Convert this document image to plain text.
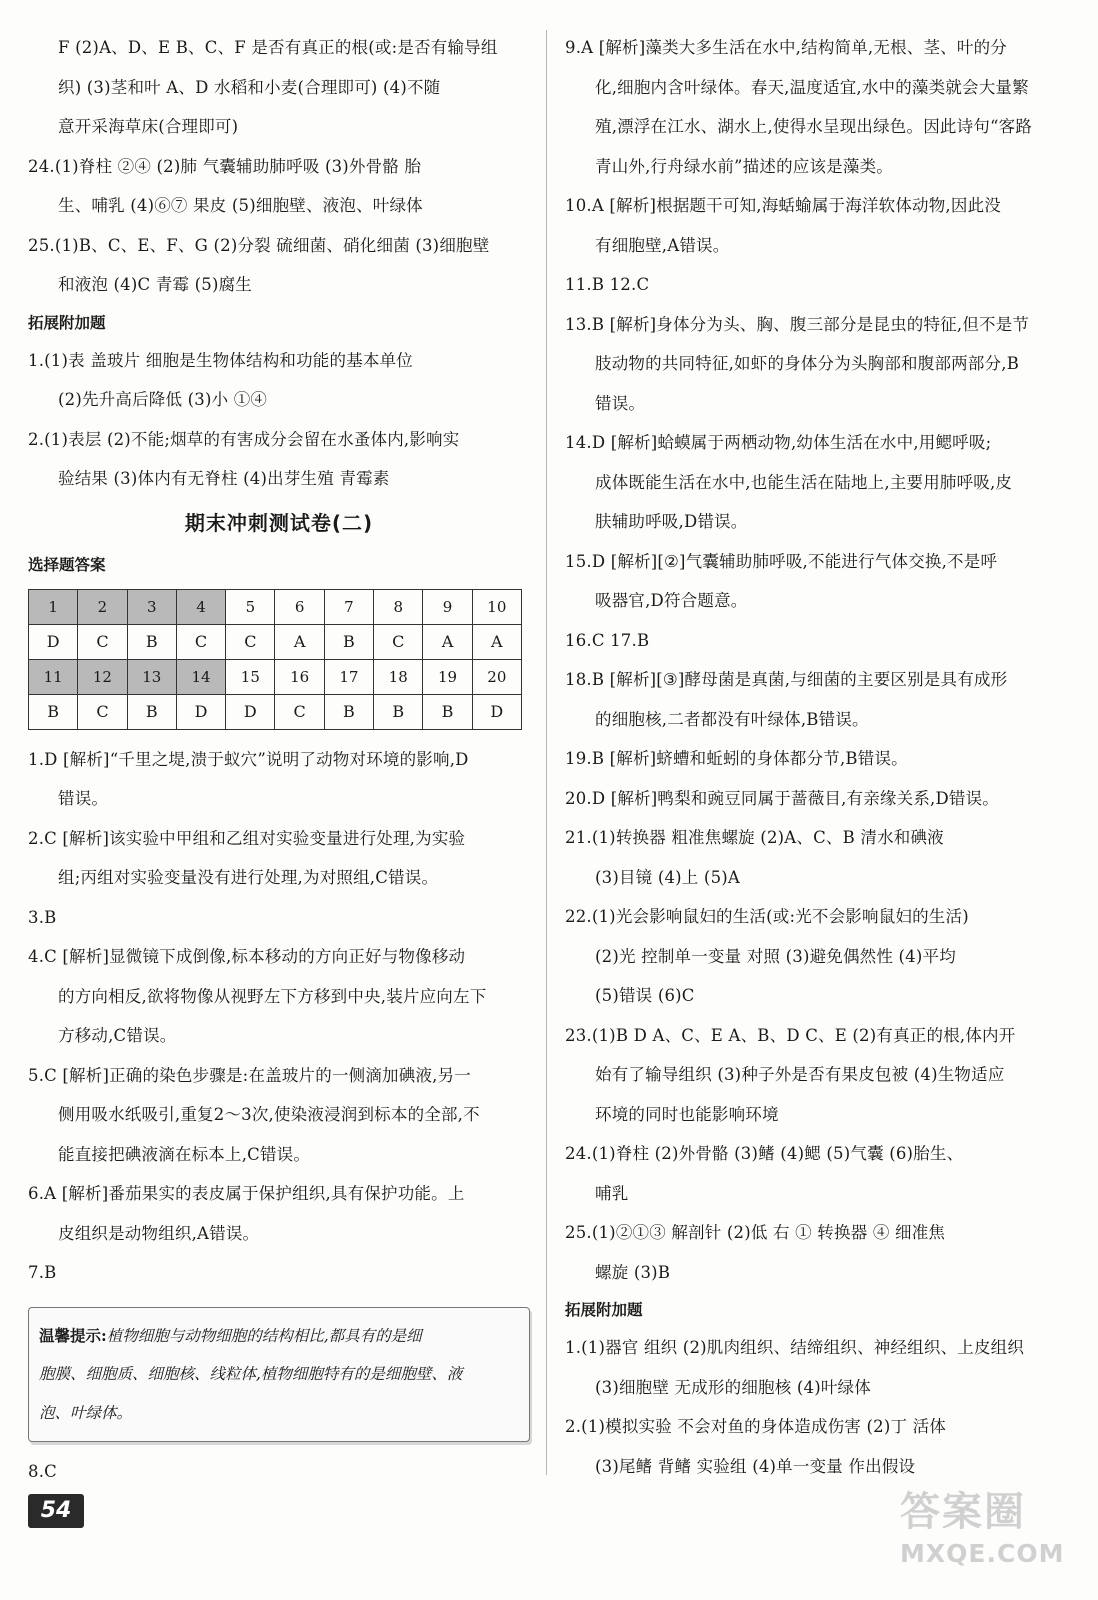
F (2)A、D、E B、C、F 是否有真正的根(或:是否有输导组
织) (3)茎和叶 A、D 水稻和小麦(合理即可) (4)不随
意开采海草床(合理即可)
24.(1)脊柱 ②④ (2)肺 气囊辅助肺呼吸 (3)外骨骼 胎
生、哺乳 (4)⑥⑦ 果皮 (5)细胞壁、液泡、叶绿体
25.(1)B、C、E、F、G (2)分裂 硫细菌、硝化细菌 (3)细胞壁
和液泡 (4)C 青霉 (5)腐生
拓展附加题
1.(1)表 盖玻片 细胞是生物体结构和功能的基本单位
(2)先升高后降低 (3)小 ①④
2.(1)表层 (2)不能;烟草的有害成分会留在水蚤体内,影响实
验结果 (3)体内有无脊柱 (4)出芽生殖 青霉素
期末冲刺测试卷(二)
选择题答案
1	2	3	4	5	6	7	8	9	10
D	C	B	C	C	A	B	C	A	A
11	12	13	14	15	16	17	18	19	20
B	C	B	D	D	C	B	B	B	D
1.D [解析]“千里之堤,溃于蚁穴”说明了动物对环境的影响,D
错误。
2.C [解析]该实验中甲组和乙组对实验变量进行处理,为实验
组;丙组对实验变量没有进行处理,为对照组,C错误。
3.B
4.C [解析]显微镜下成倒像,标本移动的方向正好与物像移动
的方向相反,欲将物像从视野左下方移到中央,装片应向左下
方移动,C错误。
5.C [解析]正确的染色步骤是:在盖玻片的一侧滴加碘液,另一
侧用吸水纸吸引,重复2～3次,使染液浸润到标本的全部,不
能直接把碘液滴在标本上,C错误。
6.A [解析]番茄果实的表皮属于保护组织,具有保护功能。上
皮组织是动物组织,A错误。
7.B
温馨提示:植物细胞与动物细胞的结构相比,都具有的是细
胞膜、细胞质、细胞核、线粒体,植物细胞特有的是细胞壁、液
泡、叶绿体。
8.C
9.A [解析]藻类大多生活在水中,结构简单,无根、茎、叶的分
化,细胞内含叶绿体。春天,温度适宜,水中的藻类就会大量繁
殖,漂浮在江水、湖水上,使得水呈现出绿色。因此诗句“客路
青山外,行舟绿水前”描述的应该是藻类。
10.A [解析]根据题干可知,海蛞蝓属于海洋软体动物,因此没
有细胞壁,A错误。
11.B 12.C
13.B [解析]身体分为头、胸、腹三部分是昆虫的特征,但不是节
肢动物的共同特征,如虾的身体分为头胸部和腹部两部分,B
错误。
14.D [解析]蛤蟆属于两栖动物,幼体生活在水中,用鳃呼吸;
成体既能生活在水中,也能生活在陆地上,主要用肺呼吸,皮
肤辅助呼吸,D错误。
15.D [解析][②]气囊辅助肺呼吸,不能进行气体交换,不是呼
吸器官,D符合题意。
16.C 17.B
18.B [解析][③]酵母菌是真菌,与细菌的主要区别是具有成形
的细胞核,二者都没有叶绿体,B错误。
19.B [解析]蛴螬和蚯蚓的身体都分节,B错误。
20.D [解析]鸭梨和豌豆同属于蔷薇目,有亲缘关系,D错误。
21.(1)转换器 粗准焦螺旋 (2)A、C、B 清水和碘液
(3)目镜 (4)上 (5)A
22.(1)光会影响鼠妇的生活(或:光不会影响鼠妇的生活)
(2)光 控制单一变量 对照 (3)避免偶然性 (4)平均
(5)错误 (6)C
23.(1)B D A、C、E A、B、D C、E (2)有真正的根,体内开
始有了输导组织 (3)种子外是否有果皮包被 (4)生物适应
环境的同时也能影响环境
24.(1)脊柱 (2)外骨骼 (3)鳍 (4)鳃 (5)气囊 (6)胎生、
哺乳
25.(1)②①③ 解剖针 (2)低 右 ① 转换器 ④ 细准焦
螺旋 (3)B
拓展附加题
1.(1)器官 组织 (2)肌肉组织、结缔组织、神经组织、上皮组织
(3)细胞壁 无成形的细胞核 (4)叶绿体
2.(1)模拟实验 不会对鱼的身体造成伤害 (2)丁 活体
(3)尾鳍 背鳍 实验组 (4)单一变量 作出假设
54	答案圈
MXQE.COM
